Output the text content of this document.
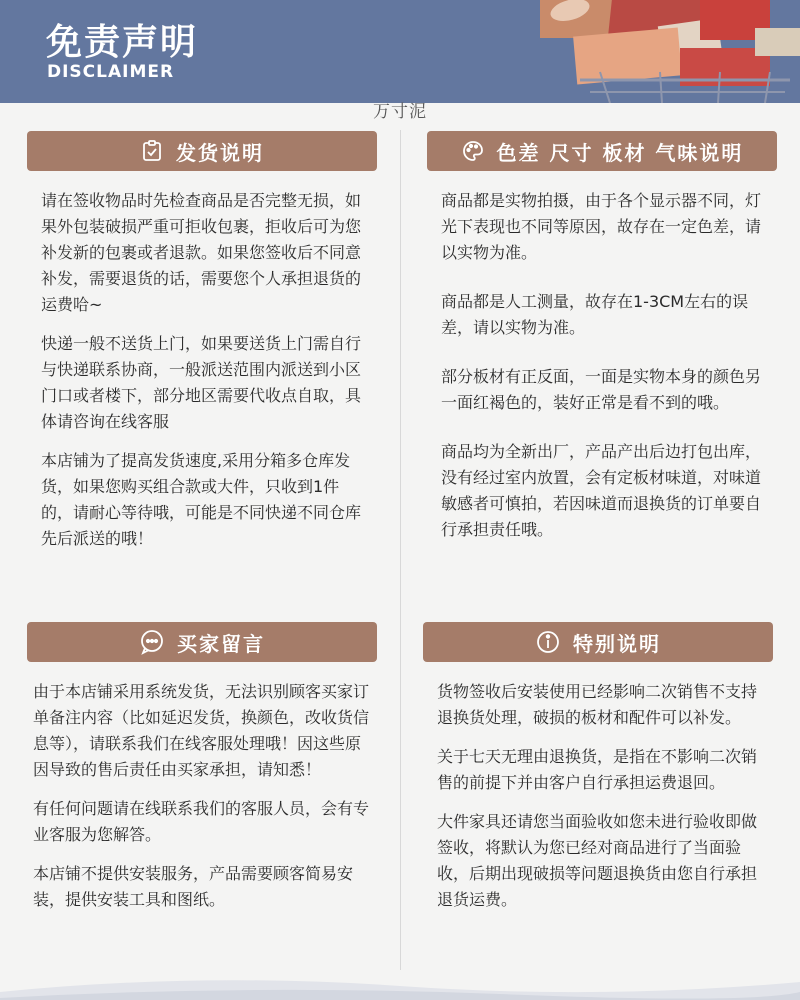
免责声明
DISCLAIMER
万寸泥
发货说明

请在签收物品时先检查商品是否完整无损，如果外包装破损严重可拒收包裹，拒收后可为您补发新的包裹或者退款。如果您签收后不同意补发，需要退货的话，需要您个人承担退货的运费哈~

快递一般不送货上门，如果要送货上门需自行与快递联系协商，一般派送范围内派送到小区门口或者楼下，部分地区需要代收点自取，具体请咨询在线客服

本店铺为了提高发货速度,采用分箱多仓库发货，如果您购买组合款或大件，只收到1件的，请耐心等待哦，可能是不同快递不同仓库先后派送的哦！

色差 尺寸 板材 气味说明

商品都是实物拍摄，由于各个显示器不同，灯光下表现也不同等原因，故存在一定色差，请以实物为准。

商品都是人工测量，故存在1-3CM左右的误差，请以实物为准。

部分板材有正反面，一面是实物本身的颜色另一面红褐色的，装好正常是看不到的哦。

商品均为全新出厂，产品产出后边打包出库，没有经过室内放置，会有定板材味道，对味道敏感者可慎拍，若因味道而退换货的订单要自行承担责任哦。

买家留言

由于本店铺采用系统发货，无法识别顾客买家订单备注内容（比如延迟发货，换颜色，改收货信息等），请联系我们在线客服处理哦！因这些原因导致的售后责任由买家承担，请知悉！

有任何问题请在线联系我们的客服人员，会有专业客服为您解答。

本店铺不提供安装服务，产品需要顾客简易安装，提供安装工具和图纸。

特别说明

货物签收后安装使用已经影响二次销售不支持退换货处理，破损的板材和配件可以补发。

关于七天无理由退换货，是指在不影响二次销售的前提下并由客户自行承担运费退回。

大件家具还请您当面验收如您未进行验收即做签收，将默认为您已经对商品进行了当面验收，后期出现破损等问题退换货由您自行承担退货运费。
